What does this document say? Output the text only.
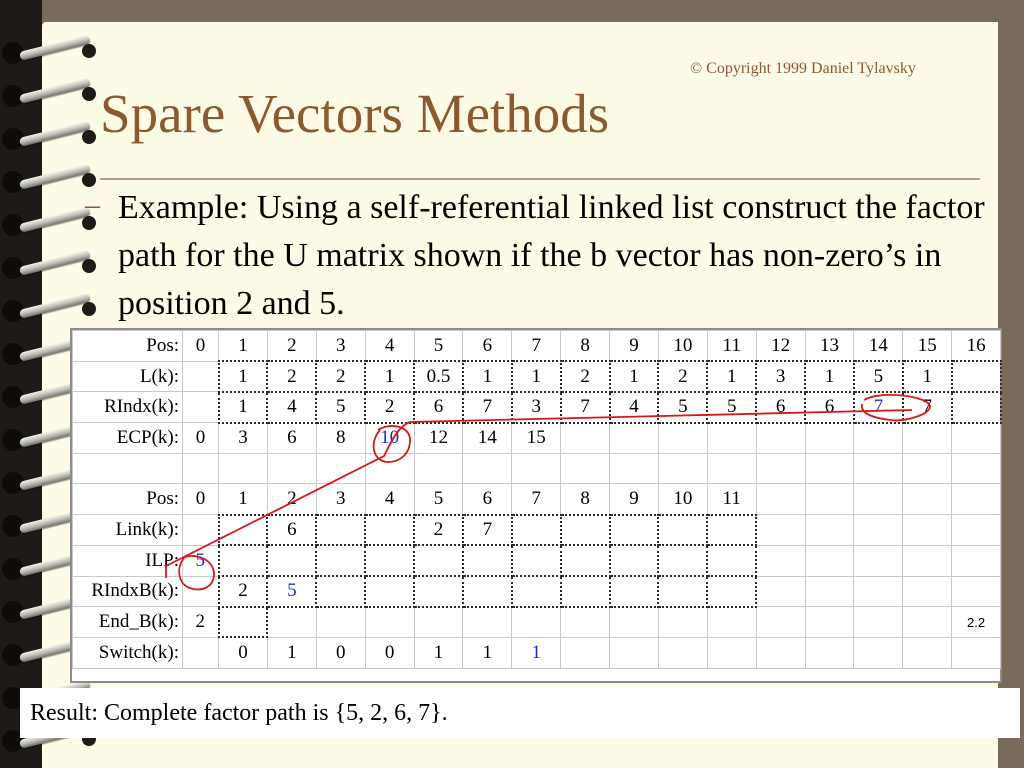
© Copyright 1999 Daniel Tylavsky
Spare Vectors Methods
– Example: Using a self-referential linked list construct the factor path for the U matrix shown if the b vector has non-zero’s in position 2 and 5.
Pos:	0	1	2	3	4	5	6	7	8	9	10	11	12	13	14	15	16
L(k):		1	2	2	1	0.5	1	1	2	1	2	1	3	1	5	1	
RIndx(k):		1	4	5	2	6	7	3	7	4	5	5	6	6	7	7	
ECP(k):	0	3	6	8	10	12	14	15									

Pos:	0	1	2	3	4	5	6	7	8	9	10	11					
Link(k):			6			2	7										
ILP:	5																
RIndxB(k):		2	5														
End_B(k):	2																2.2
Switch(k):		0	1	0	0	1	1	1									
Result: Complete factor path is {5, 2, 6, 7}.
